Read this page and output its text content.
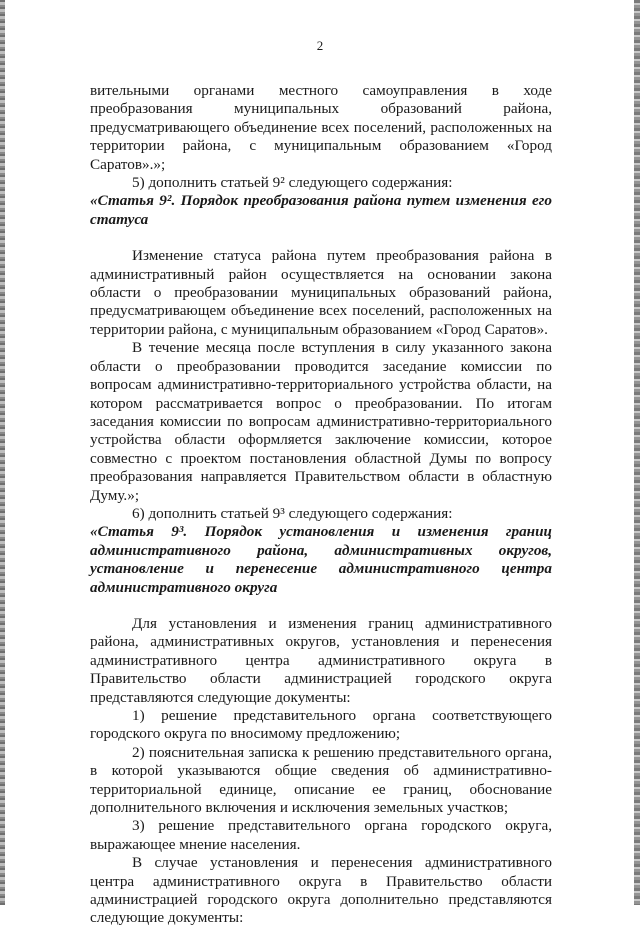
2

вительными органами местного самоуправления в ходе преобразования муниципальных образований района, предусматривающего объединение всех поселений, расположенных на территории района, с муниципальным образованием «Город Саратов».»;

5) дополнить статьей 9² следующего содержания:

«Статья 9². Порядок преобразования района путем изменения его статуса

Изменение статуса района путем преобразования района в административный район осуществляется на основании закона области о преобразовании муниципальных образований района, предусматривающем объединение всех поселений, расположенных на территории района, с муниципальным образованием «Город Саратов».

В течение месяца после вступления в силу указанного закона области о преобразовании проводится заседание комиссии по вопросам административно-территориального устройства области, на котором рассматривается вопрос о преобразовании. По итогам заседания комиссии по вопросам административно-территориального устройства области оформляется заключение комиссии, которое совместно с проектом постановления областной Думы по вопросу преобразования направляется Правительством области в областную Думу.»;

6) дополнить статьей 9³ следующего содержания:

«Статья 9³. Порядок установления и изменения границ административного района, административных округов, установление и перенесение административного центра административного округа

Для установления и изменения границ административного района, административных округов, установления и перенесения административного центра административного округа в Правительство области администрацией городского округа представляются следующие документы:

1) решение представительного органа соответствующего городского округа по вносимому предложению;

2) пояснительная записка к решению представительного органа, в которой указываются общие сведения об административно-территориальной единице, описание ее границ, обоснование дополнительного включения и исключения земельных участков;

3) решение представительного органа городского округа, выражающее мнение населения.

В случае установления и перенесения административного центра административного округа в Правительство области администрацией городского округа дополнительно представляются следующие документы:
